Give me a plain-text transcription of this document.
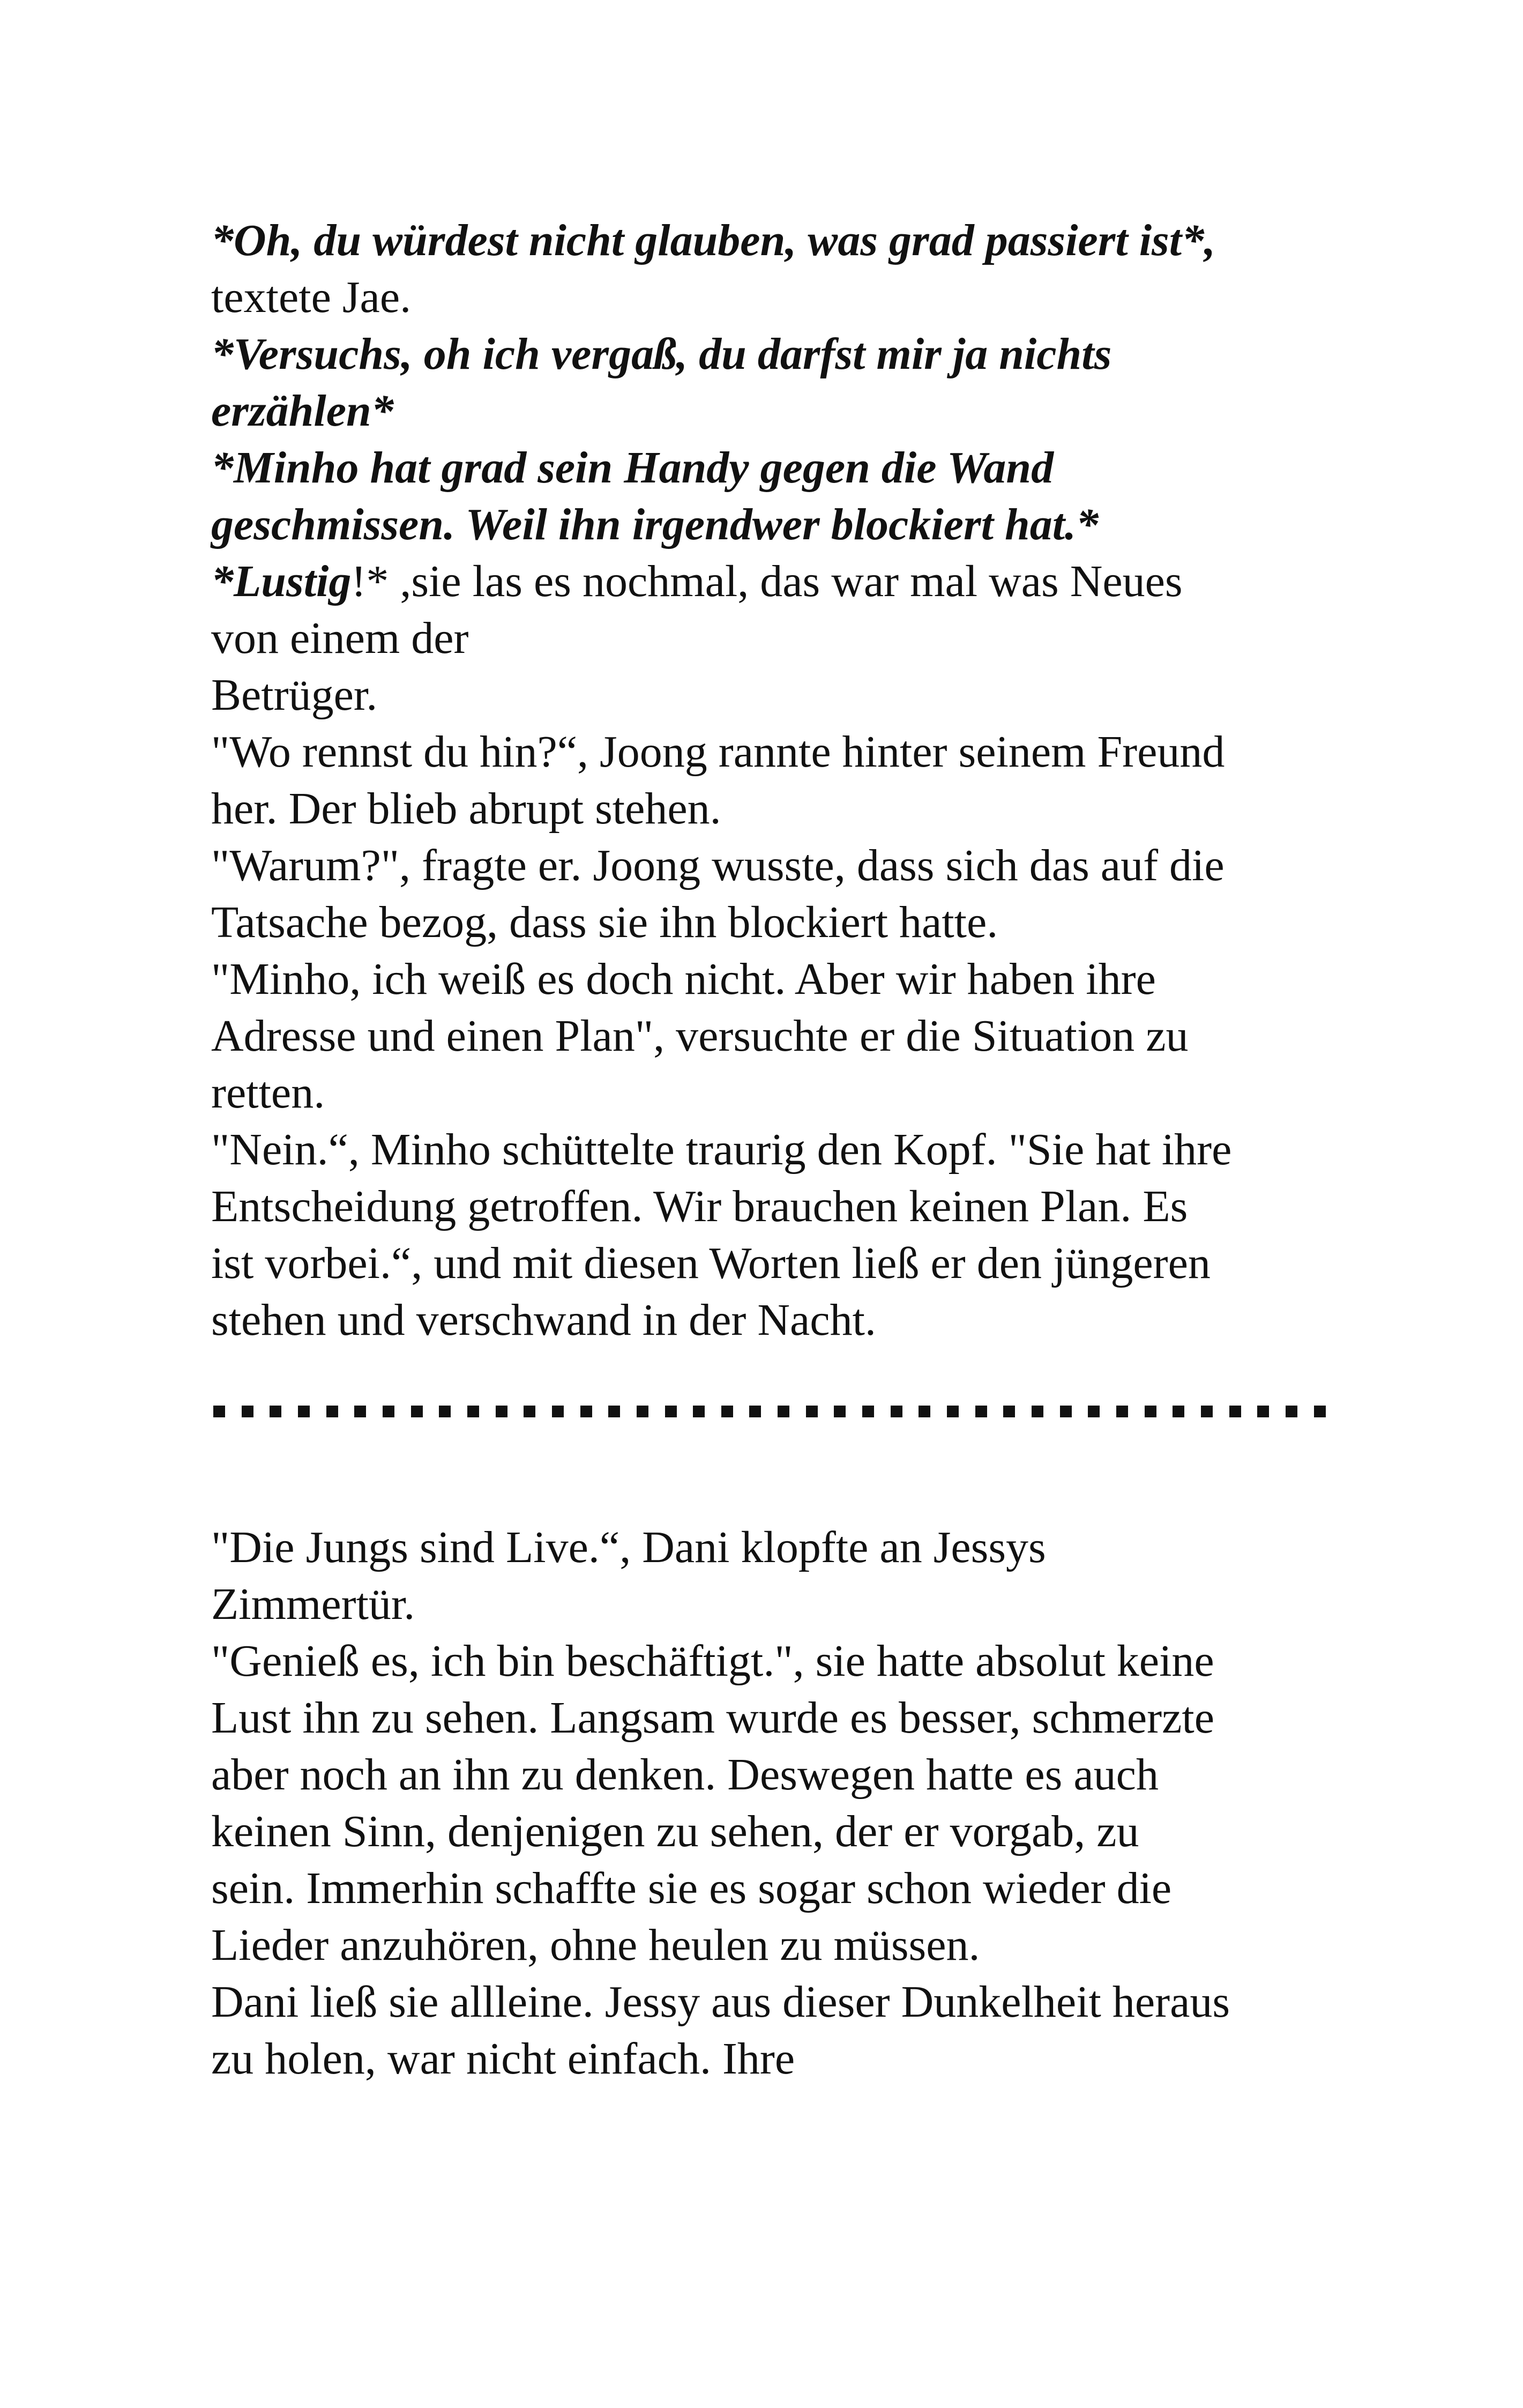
*Oh, du würdest nicht glauben, was grad passiert ist*,
textete Jae.
*Versuchs, oh ich vergaß, du darfst mir ja nichts
erzählen*
*Minho hat grad sein Handy gegen die Wand
geschmissen. Weil ihn irgendwer blockiert hat.*
*Lustig!* ,sie las es nochmal, das war mal was Neues
von einem der
Betrüger.
"Wo rennst du hin?“, Joong rannte hinter seinem Freund
her. Der blieb abrupt stehen.
"Warum?", fragte er. Joong wusste, dass sich das auf die
Tatsache bezog, dass sie ihn blockiert hatte.
"Minho, ich weiß es doch nicht. Aber wir haben ihre
Adresse und einen Plan", versuchte er die Situation zu
retten.
"Nein.“, Minho schüttelte traurig den Kopf. "Sie hat ihre
Entscheidung getroffen. Wir brauchen keinen Plan. Es
ist vorbei.“, und mit diesen Worten ließ er den jüngeren
stehen und verschwand in der Nacht.
"Die Jungs sind Live.“, Dani klopfte an Jessys
Zimmertür.
"Genieß es, ich bin beschäftigt.", sie hatte absolut keine
Lust ihn zu sehen. Langsam wurde es besser, schmerzte
aber noch an ihn zu denken. Deswegen hatte es auch
keinen Sinn, denjenigen zu sehen, der er vorgab, zu
sein. Immerhin schaffte sie es sogar schon wieder die
Lieder anzuhören, ohne heulen zu müssen.
Dani ließ sie allleine. Jessy aus dieser Dunkelheit heraus
zu holen, war nicht einfach. Ihre
